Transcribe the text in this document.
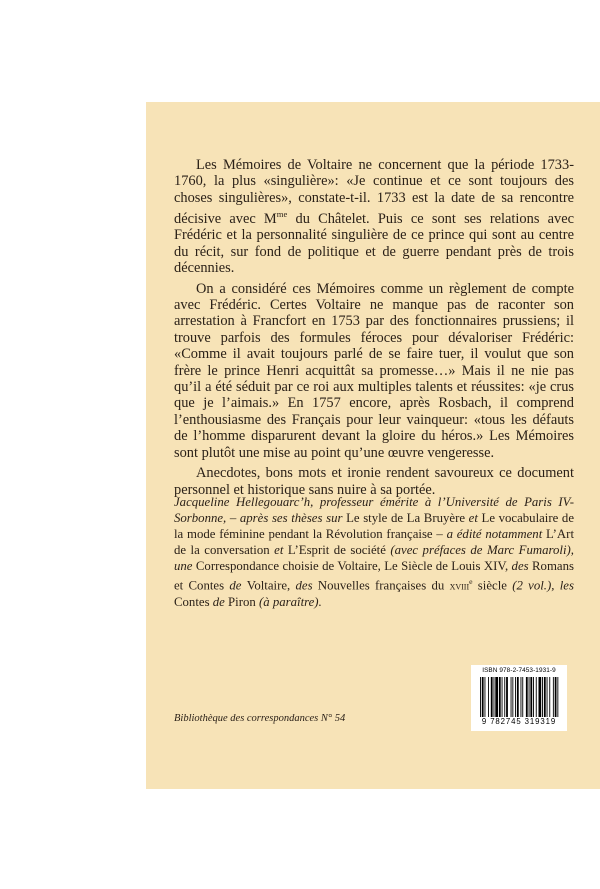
Les Mémoires de Voltaire ne concernent que la période 1733-1760, la plus «singulière»: «Je continue et ce sont toujours des choses singulières», constate-t-il. 1733 est la date de sa rencontre décisive avec $M^{me}$ du Châtelet. Puis ce sont ses relations avec Frédéric et la personnalité singulière de ce prince qui sont au centre du récit, sur fond de politique et de guerre pendant près de trois décennies.

On a considéré ces Mémoires comme un règlement de compte avec Frédéric. Certes Voltaire ne manque pas de raconter son arrestation à Francfort en 1753 par des fonctionnaires prussiens; il trouve parfois des formules féroces pour dévaloriser Frédéric: «Comme il avait toujours parlé de se faire tuer, il voulut que son frère le prince Henri acquittât sa promesse…» Mais il ne nie pas qu’il a été séduit par ce roi aux multiples talents et réussites: «je crus que je l’aimais.» En 1757 encore, après Rosbach, il comprend l’enthousiasme des Français pour leur vainqueur: «tous les défauts de l’homme disparurent devant la gloire du héros.» Les Mémoires sont plutôt une mise au point qu’une œuvre vengeresse.

Anecdotes, bons mots et ironie rendent savoureux ce document personnel et historique sans nuire à sa portée.

Jacqueline Hellegouarc’h, professeur émérite à l’Université de Paris IV-Sorbonne, – après ses thèses sur Le style de La Bruyère et Le vocabulaire de la mode féminine pendant la Révolution française – a édité notamment L’Art de la conversation et L’Esprit de société (avec préfaces de Marc Fumaroli), une Correspondance choisie de Voltaire, Le Siècle de Louis XIV, des Romans et Contes de Voltaire, des Nouvelles françaises du xviii$^e$ siècle (2 vol.), les Contes de Piron (à paraître).
Bibliothèque des correspondances N° 54
ISBN 978-2-7453-1931-9
9 782745 319319
